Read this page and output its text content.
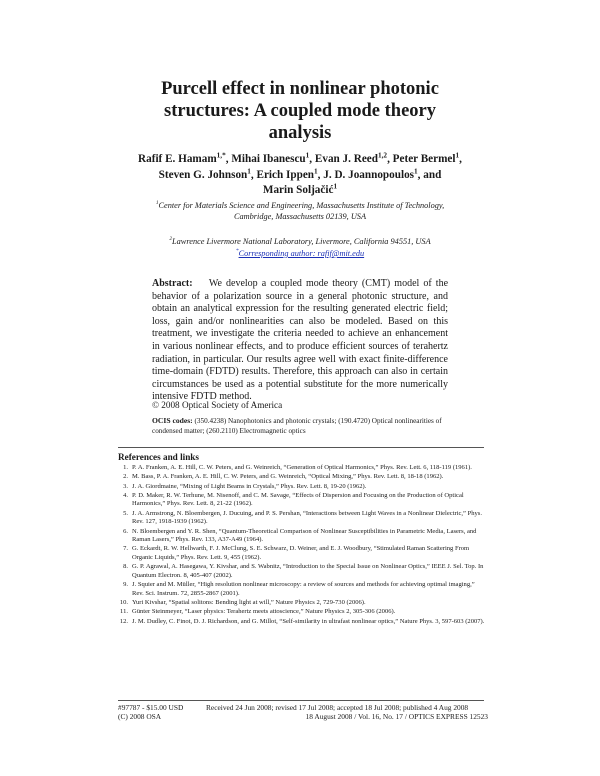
Purcell effect in nonlinear photonic
structures: A coupled mode theory
analysis
Rafif E. Hamam$^{1,*}$, Mihai Ibanescu$^1$, Evan J. Reed$^{1,2}$, Peter Bermel$^1$,
Steven G. Johnson$^1$, Erich Ippen$^1$, J. D. Joannopoulos$^1$, and
Marin Soljačić$^1$
$^1$Center for Materials Science and Engineering, Massachusetts Institute of Technology,
Cambridge, Massachusetts 02139, USA
$^2$Lawrence Livermore National Laboratory, Livermore, California 94551, USA
*Corresponding author: rafif@mit.edu
Abstract: We develop a coupled mode theory (CMT) model of the behavior of a polarization source in a general photonic structure, and obtain an analytical expression for the resulting generated electric field; loss, gain and/or nonlinearities can also be modeled. Based on this treatment, we investigate the criteria needed to achieve an enhancement in various nonlinear effects, and to produce efficient sources of terahertz radiation, in particular. Our results agree well with exact finite-difference time-domain (FDTD) results. Therefore, this approach can also in certain circumstances be used as a potential substitute for the more numerically intensive FDTD method.
© 2008 Optical Society of America
OCIS codes: (350.4238) Nanophotonics and photonic crystals; (190.4720) Optical nonlinearities of condensed matter; (260.2110) Electromagnetic optics
References and links
1. P. A. Franken, A. E. Hill, C. W. Peters, and G. Weinreich, “Generation of Optical Harmonics,” Phys. Rev. Lett. 6, 118-119 (1961).
2. M. Bass, P. A. Franken, A. E. Hill, C. W. Peters, and G. Weinreich, “Optical Mixing,” Phys. Rev. Lett. 8, 18-18 (1962).
3. J. A. Giordmaine, “Mixing of Light Beams in Crystals,” Phys. Rev. Lett. 8, 19-20 (1962).
4. P. D. Maker, R. W. Terhune, M. Nisenoff, and C. M. Savage, “Effects of Dispersion and Focusing on the Production of Optical Harmonics,” Phys. Rev. Lett. 8, 21-22 (1962).
5. J. A. Armstrong, N. Bloembergen, J. Ducuing, and P. S. Pershan, “Interactions between Light Waves in a Nonlinear Dielectric,” Phys. Rev. 127, 1918-1939 (1962).
6. N. Bloembergen and Y. R. Shen, “Quantum-Theoretical Comparison of Nonlinear Susceptibilities in Parametric Media, Lasers, and Raman Lasers,” Phys. Rev. 133, A37-A49 (1964).
7. G. Eckardt, R. W. Hellwarth, F. J. McClung, S. E. Schwarz, D. Weiner, and E. J. Woodbury, “Stimulated Raman Scattering From Organic Liquids,” Phys. Rev. Lett. 9, 455 (1962).
8. G. P. Agrawal, A. Hasegawa, Y. Kivshar, and S. Wabnitz, “Introduction to the Special Issue on Nonlinear Optics,” IEEE J. Sel. Top. In Quantum Electron. 8, 405-407 (2002).
9. J. Squier and M. Müller, “High resolution nonlinear microscopy: a review of sources and methods for achieving optimal imaging,” Rev. Sci. Instrum. 72, 2855-2867 (2001).
10. Yuri Kivshar, “Spatial solitons: Bending light at will,” Nature Physics 2, 729-730 (2006).
11. Günter Steinmeyer, “Laser physics: Terahertz meets attoscience,” Nature Physics 2, 305-306 (2006).
12. J. M. Dudley, C. Finot, D. J. Richardson, and G. Millot, “Self-similarity in ultrafast nonlinear optics,” Nature Phys. 3, 597-603 (2007).
#97787 - $15.00 USD	Received 24 Jun 2008; revised 17 Jul 2008; accepted 18 Jul 2008; published 4 Aug 2008
(C) 2008 OSA	18 August 2008 / Vol. 16, No. 17 / OPTICS EXPRESS 12523
